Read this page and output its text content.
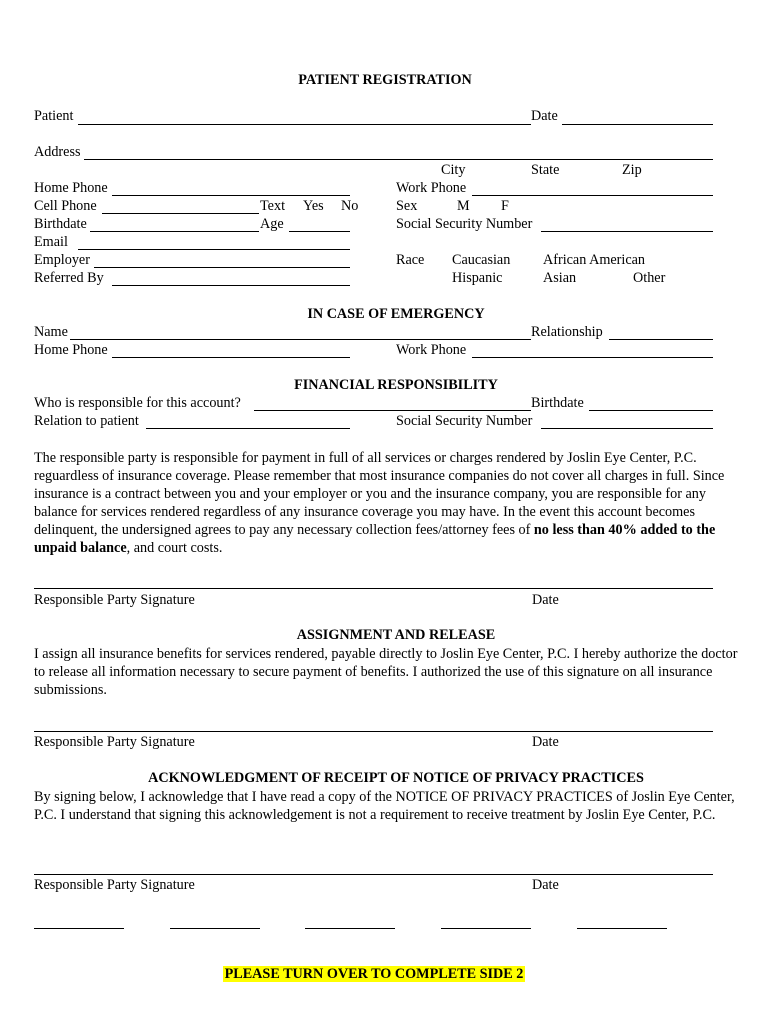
PATIENT REGISTRATION
Patient	Date
Address
City	State	Zip
Home Phone	Work Phone
Cell Phone	Text Yes No	Sex	M F
Birthdate	Age	Social Security Number
Email
Employer	Race Caucasian African American
Referred By	Hispanic	Asian	Other
IN CASE OF EMERGENCY
Name	Relationship
Home Phone	Work Phone
FINANCIAL RESPONSIBILITY
Who is responsible for this account?	Birthdate
Relation to patient	Social Security Number
The responsible party is responsible for payment in full of all services or charges rendered by Joslin Eye Center, P.C. reguardless of insurance coverage. Please remember that most insurance companies do not cover all charges in full. Since insurance is a contract between you and your employer or you and the insurance company, you are responsible for any balance for services rendered regardless of any insurance coverage you may have. In the event this account becomes delinquent, the undersigned agrees to pay any necessary collection fees/attorney fees of no less than 40% added to the unpaid balance, and court costs.
Responsible Party Signature	Date
ASSIGNMENT AND RELEASE
I assign all insurance benefits for services rendered, payable directly to Joslin Eye Center, P.C. I hereby authorize the doctor to release all information necessary to secure payment of benefits. I authorized the use of this signature on all insurance submissions.
Responsible Party Signature	Date
ACKNOWLEDGMENT OF RECEIPT OF NOTICE OF PRIVACY PRACTICES
By signing below, I acknowledge that I have read a copy of the NOTICE OF PRIVACY PRACTICES of Joslin Eye Center, P.C. I understand that signing this acknowledgement is not a requirement to receive treatment by Joslin Eye Center, P.C.
Responsible Party Signature	Date
PLEASE TURN OVER TO COMPLETE SIDE 2
